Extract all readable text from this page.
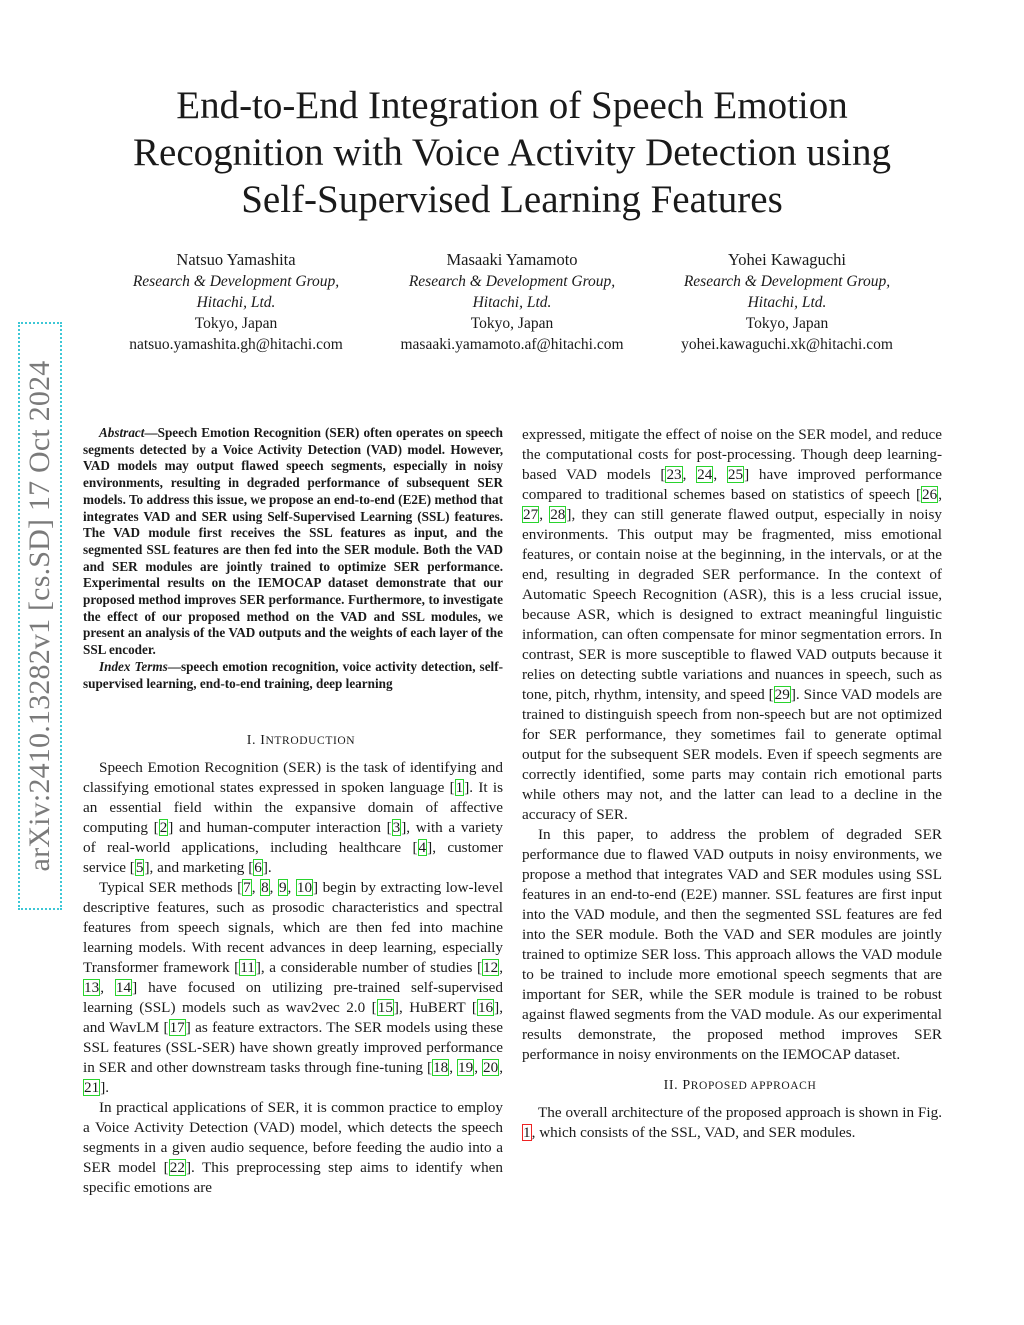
arXiv:2410.13282v1 [cs.SD] 17 Oct 2024
End-to-End Integration of Speech Emotion
Recognition with Voice Activity Detection using
Self-Supervised Learning Features
Natsuo Yamashita
Research & Development Group,
Hitachi, Ltd.
Tokyo, Japan
natsuo.yamashita.gh@hitachi.com
Masaaki Yamamoto
Research & Development Group,
Hitachi, Ltd.
Tokyo, Japan
masaaki.yamamoto.af@hitachi.com
Yohei Kawaguchi
Research & Development Group,
Hitachi, Ltd.
Tokyo, Japan
yohei.kawaguchi.xk@hitachi.com

Abstract—Speech Emotion Recognition (SER) often operates on speech segments detected by a Voice Activity Detection (VAD) model. However, VAD models may output flawed speech segments, especially in noisy environments, resulting in degraded performance of subsequent SER models. To address this issue, we propose an end-to-end (E2E) method that integrates VAD and SER using Self-Supervised Learning (SSL) features. The VAD module first receives the SSL features as input, and the segmented SSL features are then fed into the SER module. Both the VAD and SER modules are jointly trained to optimize SER performance. Experimental results on the IEMOCAP dataset demonstrate that our proposed method improves SER performance. Furthermore, to investigate the effect of our proposed method on the VAD and SSL modules, we present an analysis of the VAD outputs and the weights of each layer of the SSL encoder.

Index Terms—speech emotion recognition, voice activity detection, self-supervised learning, end-to-end training, deep learning

I. INTRODUCTION

Speech Emotion Recognition (SER) is the task of identifying and classifying emotional states expressed in spoken language [1]. It is an essential field within the expansive domain of affective computing [2] and human-computer interaction [3], with a variety of real-world applications, including healthcare [4], customer service [5], and marketing [6].

Typical SER methods [7, 8, 9, 10] begin by extracting low-level descriptive features, such as prosodic characteristics and spectral features from speech signals, which are then fed into machine learning models. With recent advances in deep learning, especially Transformer framework [11], a considerable number of studies [12, 13, 14] have focused on utilizing pre-trained self-supervised learning (SSL) models such as wav2vec 2.0 [15], HuBERT [16], and WavLM [17] as feature extractors. The SER models using these SSL features (SSL-SER) have shown greatly improved performance in SER and other downstream tasks through fine-tuning [18, 19, 20, 21].

In practical applications of SER, it is common practice to employ a Voice Activity Detection (VAD) model, which detects the speech segments in a given audio sequence, before feeding the audio into a SER model [22]. This preprocessing step aims to identify when specific emotions are

expressed, mitigate the effect of noise on the SER model, and reduce the computational costs for post-processing. Though deep learning-based VAD models [23, 24, 25] have improved performance compared to traditional schemes based on statistics of speech [26, 27, 28], they can still generate flawed output, especially in noisy environments. This output may be fragmented, miss emotional features, or contain noise at the beginning, in the intervals, or at the end, resulting in degraded SER performance. In the context of Automatic Speech Recognition (ASR), this is a less crucial issue, because ASR, which is designed to extract meaningful linguistic information, can often compensate for minor segmentation errors. In contrast, SER is more susceptible to flawed VAD outputs because it relies on detecting subtle variations and nuances in speech, such as tone, pitch, rhythm, intensity, and speed [29]. Since VAD models are trained to distinguish speech from non-speech but are not optimized for SER performance, they sometimes fail to generate optimal output for the subsequent SER models. Even if speech segments are correctly identified, some parts may contain rich emotional parts while others may not, and the latter can lead to a decline in the accuracy of SER.

In this paper, to address the problem of degraded SER performance due to flawed VAD outputs in noisy environments, we propose a method that integrates VAD and SER modules using SSL features in an end-to-end (E2E) manner. SSL features are first input into the VAD module, and then the segmented SSL features are fed into the SER module. Both the VAD and SER modules are jointly trained to optimize SER loss. This approach allows the VAD module to be trained to include more emotional speech segments that are important for SER, while the SER module is trained to be robust against flawed segments from the VAD module. As our experimental results demonstrate, the proposed method improves SER performance in noisy environments on the IEMOCAP dataset.

II. PROPOSED APPROACH

The overall architecture of the proposed approach is shown in Fig. 1, which consists of the SSL, VAD, and SER modules.
